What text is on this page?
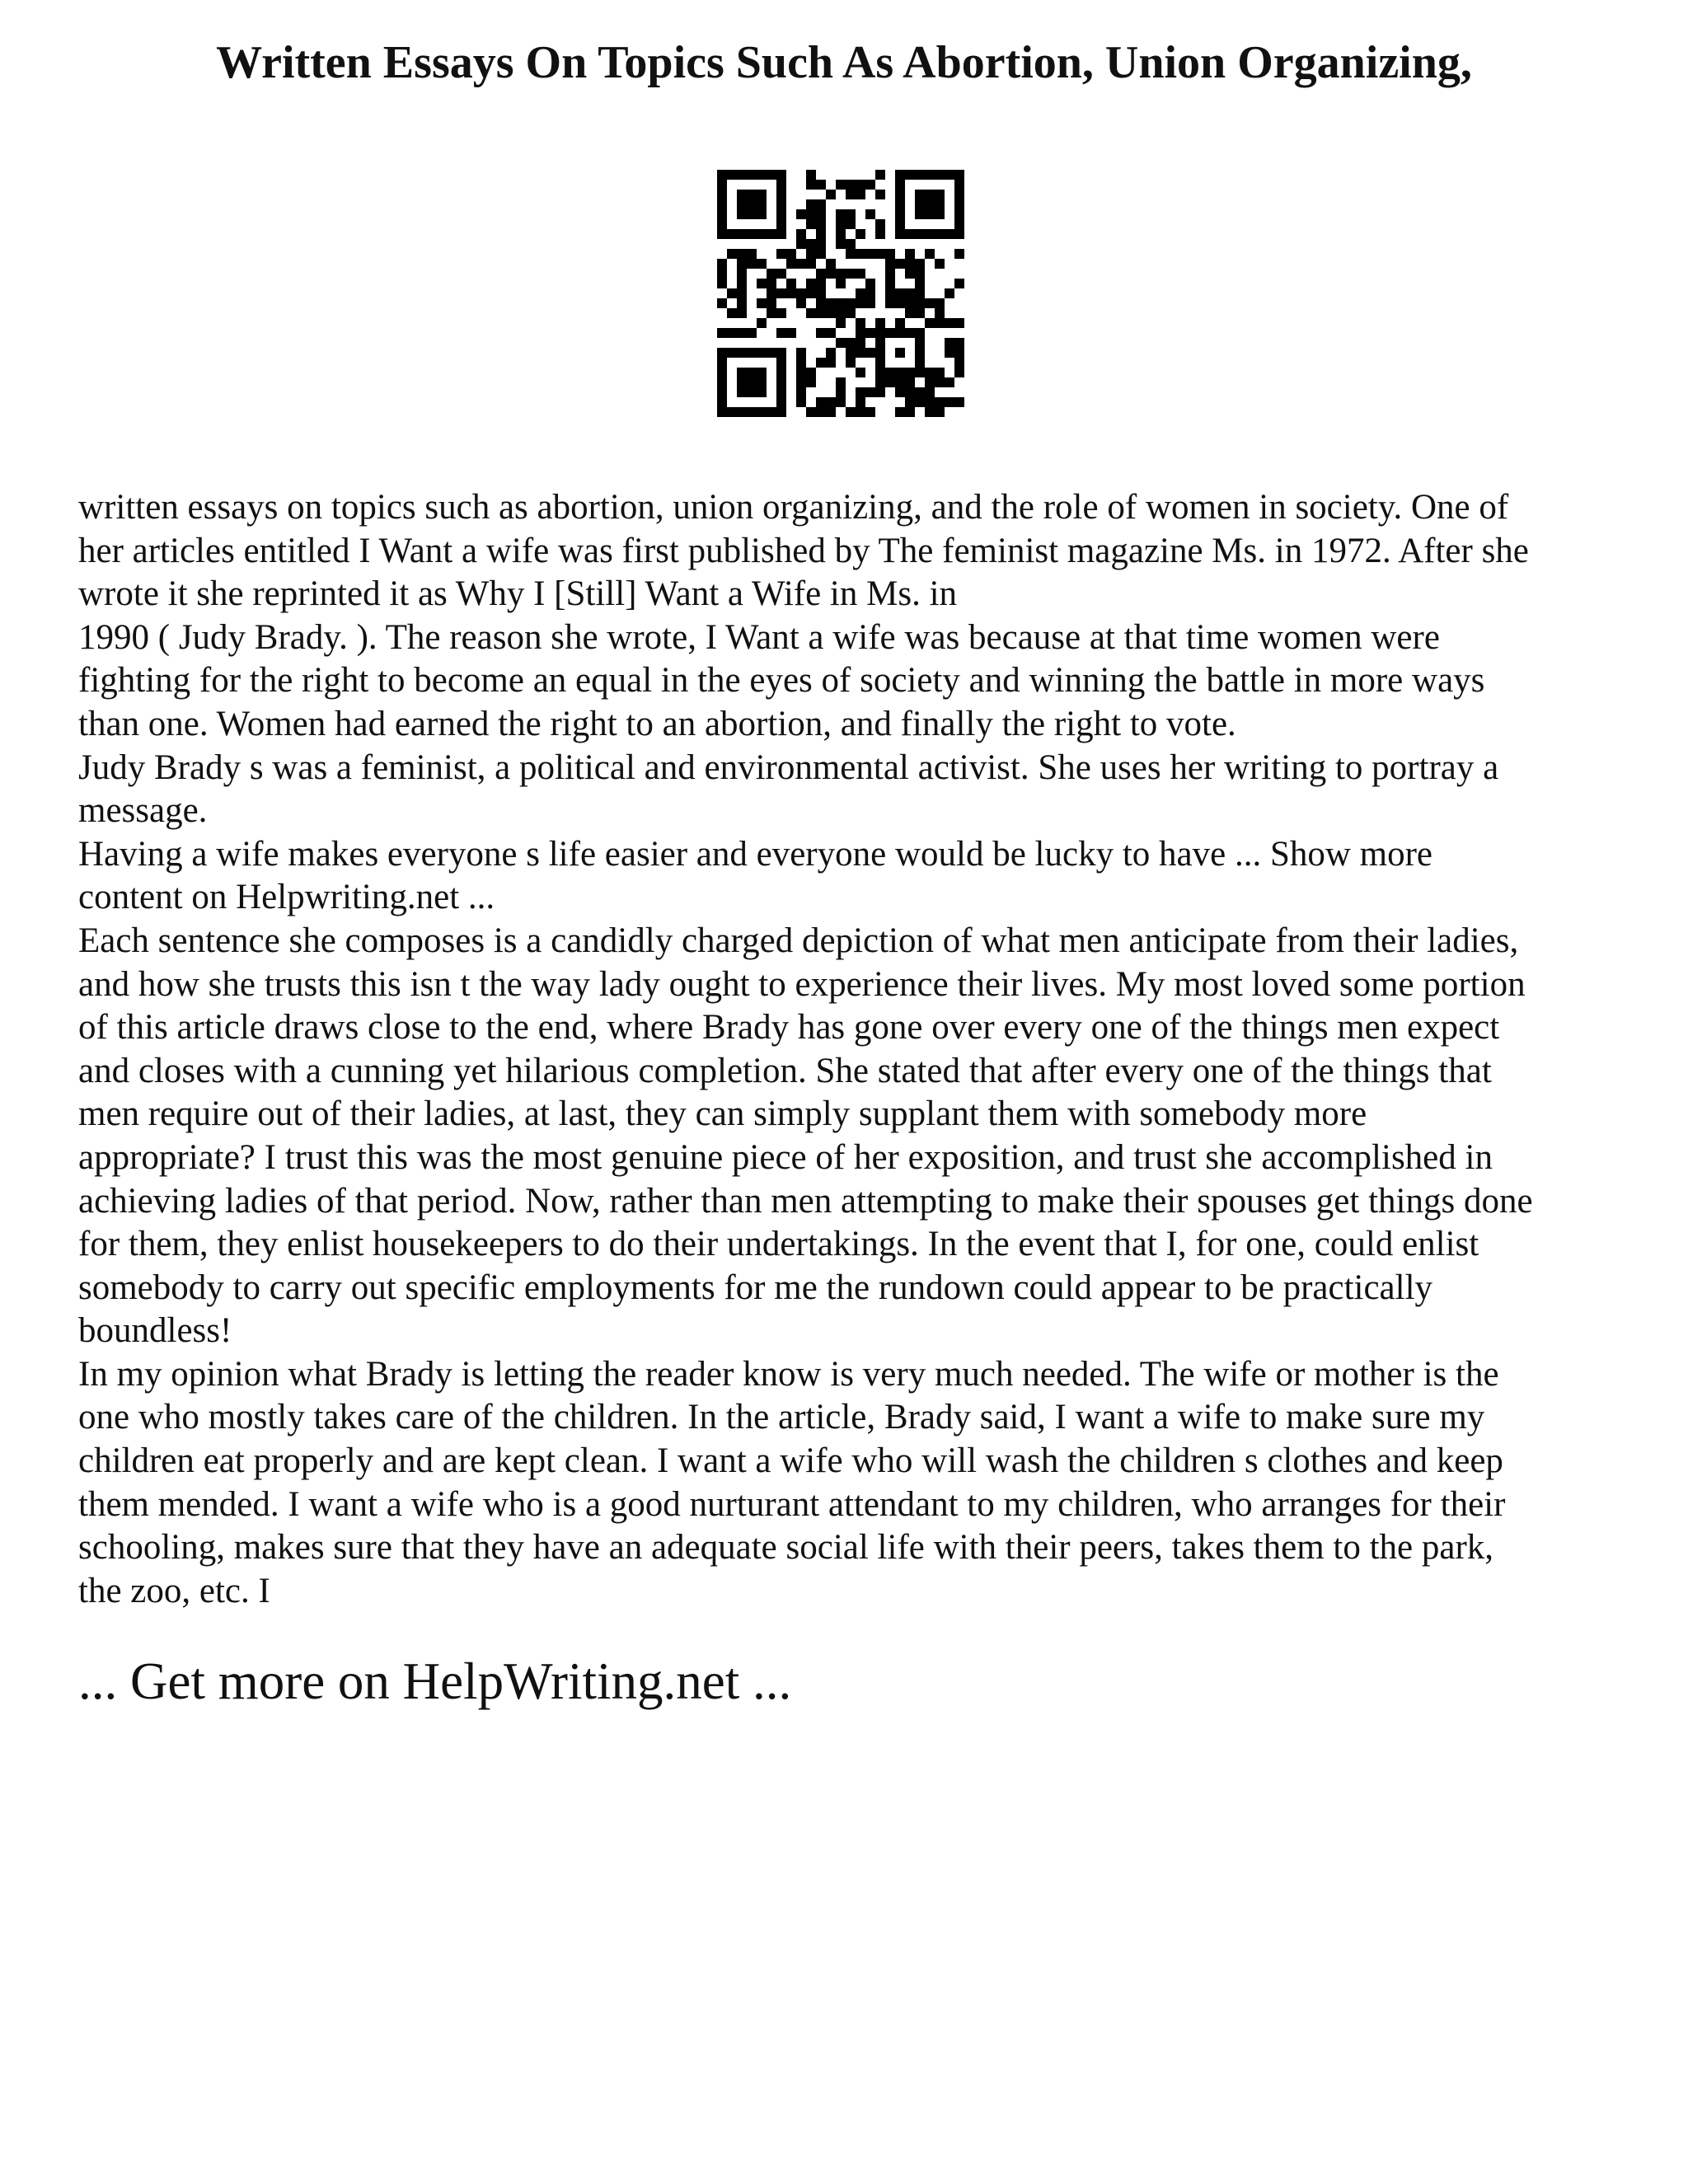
Written Essays On Topics Such As Abortion, Union Organizing,
written essays on topics such as abortion, union organizing, and the role of women in society. One of
her articles entitled I Want a wife was first published by The feminist magazine Ms. in 1972. After she
wrote it she reprinted it as Why I [Still] Want a Wife in Ms. in
1990 ( Judy Brady. ). The reason she wrote, I Want a wife was because at that time women were
fighting for the right to become an equal in the eyes of society and winning the battle in more ways
than one. Women had earned the right to an abortion, and finally the right to vote.
Judy Brady s was a feminist, a political and environmental activist. She uses her writing to portray a
message.
Having a wife makes everyone s life easier and everyone would be lucky to have ... Show more
content on Helpwriting.net ...
Each sentence she composes is a candidly charged depiction of what men anticipate from their ladies,
and how she trusts this isn t the way lady ought to experience their lives. My most loved some portion
of this article draws close to the end, where Brady has gone over every one of the things men expect
and closes with a cunning yet hilarious completion. She stated that after every one of the things that
men require out of their ladies, at last, they can simply supplant them with somebody more
appropriate? I trust this was the most genuine piece of her exposition, and trust she accomplished in
achieving ladies of that period. Now, rather than men attempting to make their spouses get things done
for them, they enlist housekeepers to do their undertakings. In the event that I, for one, could enlist
somebody to carry out specific employments for me the rundown could appear to be practically
boundless!
In my opinion what Brady is letting the reader know is very much needed. The wife or mother is the
one who mostly takes care of the children. In the article, Brady said, I want a wife to make sure my
children eat properly and are kept clean. I want a wife who will wash the children s clothes and keep
them mended. I want a wife who is a good nurturant attendant to my children, who arranges for their
schooling, makes sure that they have an adequate social life with their peers, takes them to the park,
the zoo, etc. I
... Get more on HelpWriting.net ...
